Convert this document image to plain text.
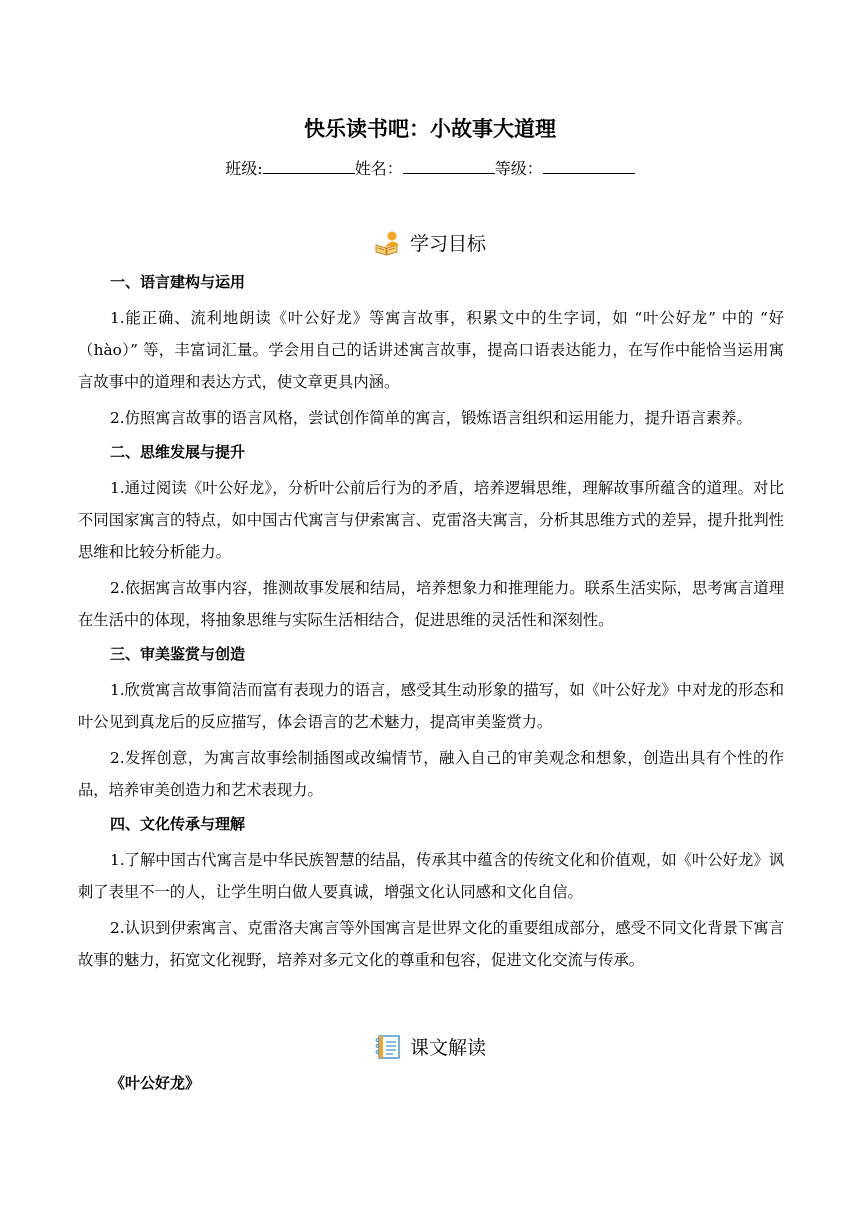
快乐读书吧：小故事大道理
班级:	姓名：	等级：
学习目标
一、语言建构与运用

1.能正确、流利地朗读《叶公好龙》等寓言故事，积累文中的生字词，如 “叶公好龙” 中的 “好（hào）” 等，丰富词汇量。学会用自己的话讲述寓言故事，提高口语表达能力，在写作中能恰当运用寓言故事中的道理和表达方式，使文章更具内涵。

2.仿照寓言故事的语言风格，尝试创作简单的寓言，锻炼语言组织和运用能力，提升语言素养。

二、思维发展与提升

1.通过阅读《叶公好龙》，分析叶公前后行为的矛盾，培养逻辑思维，理解故事所蕴含的道理。对比不同国家寓言的特点，如中国古代寓言与伊索寓言、克雷洛夫寓言，分析其思维方式的差异，提升批判性思维和比较分析能力。

2.依据寓言故事内容，推测故事发展和结局，培养想象力和推理能力。联系生活实际，思考寓言道理在生活中的体现，将抽象思维与实际生活相结合，促进思维的灵活性和深刻性。

三、审美鉴赏与创造

1.欣赏寓言故事简洁而富有表现力的语言，感受其生动形象的描写，如《叶公好龙》中对龙的形态和叶公见到真龙后的反应描写，体会语言的艺术魅力，提高审美鉴赏力。

2.发挥创意，为寓言故事绘制插图或改编情节，融入自己的审美观念和想象，创造出具有个性的作品，培养审美创造力和艺术表现力。

四、文化传承与理解

1.了解中国古代寓言是中华民族智慧的结晶，传承其中蕴含的传统文化和价值观，如《叶公好龙》讽刺了表里不一的人，让学生明白做人要真诚，增强文化认同感和文化自信。

2.认识到伊索寓言、克雷洛夫寓言等外国寓言是世界文化的重要组成部分，感受不同文化背景下寓言故事的魅力，拓宽文化视野，培养对多元文化的尊重和包容，促进文化交流与传承。

课文解读
《叶公好龙》
